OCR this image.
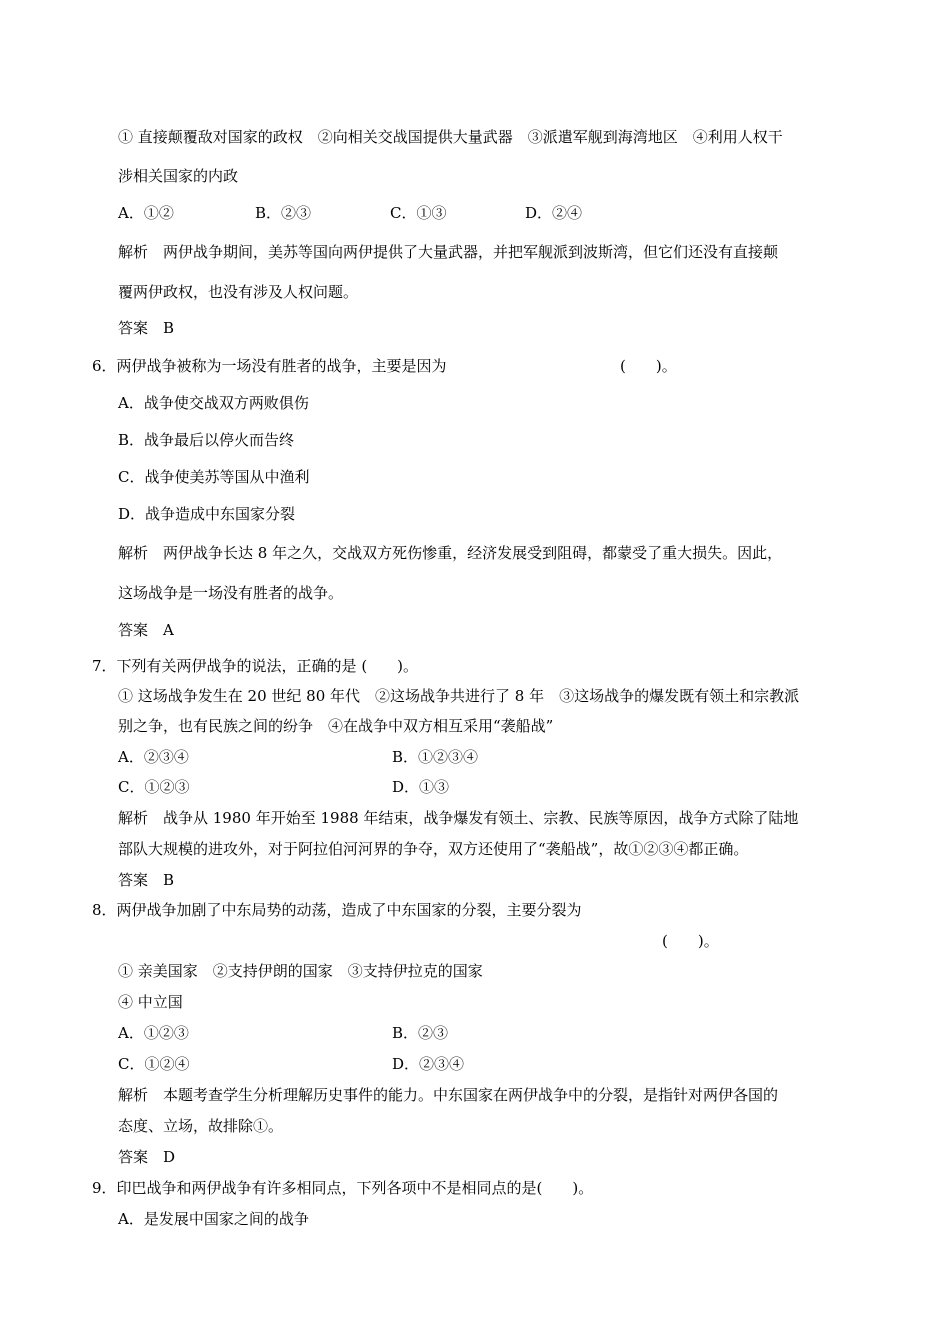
① 直接颠覆敌对国家的政权　②向相关交战国提供大量武器　③派遣军舰到海湾地区　④利用人权干
涉相关国家的内政
A．①②	B．②③	C．①③	D．②④
解析　两伊战争期间，美苏等国向两伊提供了大量武器，并把军舰派到波斯湾，但它们还没有直接颠
覆两伊政权，也没有涉及人权问题。
答案　B
6．两伊战争被称为一场没有胜者的战争，主要是因为	(　　)。
A．战争使交战双方两败俱伤
B．战争最后以停火而告终
C．战争使美苏等国从中渔利
D．战争造成中东国家分裂
解析　两伊战争长达 8 年之久，交战双方死伤惨重，经济发展受到阻碍，都蒙受了重大损失。因此，
这场战争是一场没有胜者的战争。
答案　A
7．下列有关两伊战争的说法，正确的是 (　　)。
① 这场战争发生在 20 世纪 80 年代　②这场战争共进行了 8 年　③这场战争的爆发既有领土和宗教派
别之争，也有民族之间的纷争　④在战争中双方相互采用“袭船战”
A．②③④	B．①②③④
C．①②③	D．①③
解析　战争从 1980 年开始至 1988 年结束，战争爆发有领土、宗教、民族等原因，战争方式除了陆地
部队大规模的进攻外，对于阿拉伯河河界的争夺，双方还使用了“袭船战”，故①②③④都正确。
答案　B
8．两伊战争加剧了中东局势的动荡，造成了中东国家的分裂，主要分裂为
(　　)。
① 亲美国家　②支持伊朗的国家　③支持伊拉克的国家
④ 中立国
A．①②③	B．②③
C．①②④	D．②③④
解析　本题考查学生分析理解历史事件的能力。中东国家在两伊战争中的分裂，是指针对两伊各国的
态度、立场，故排除①。
答案　D
9．印巴战争和两伊战争有许多相同点，下列各项中不是相同点的是(　　)。
A．是发展中国家之间的战争
